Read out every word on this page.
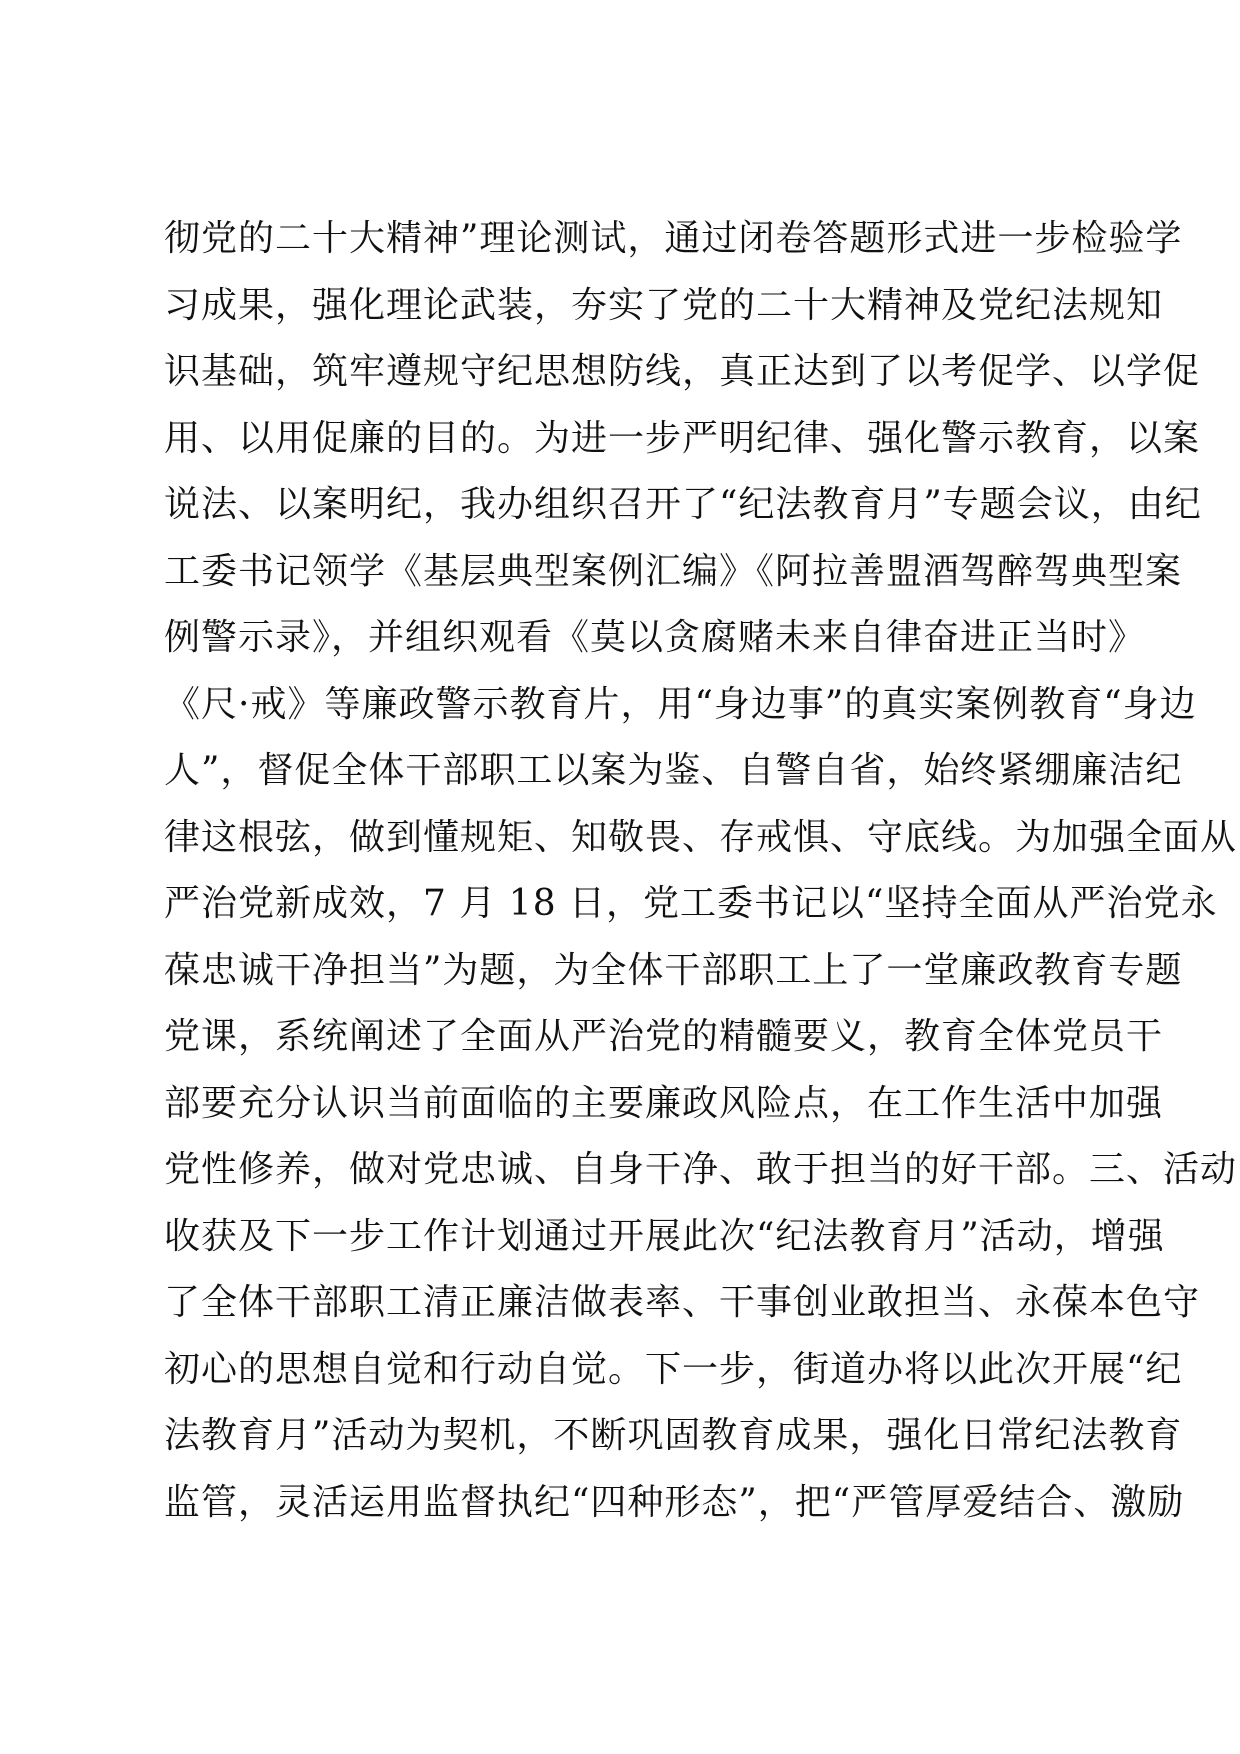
彻党的二十大精神”理论测试，通过闭卷答题形式进一步检验学
习成果，强化理论武装，夯实了党的二十大精神及党纪法规知
识基础，筑牢遵规守纪思想防线，真正达到了以考促学、以学促
用、以用促廉的目的。为进一步严明纪律、强化警示教育，以案
说法、以案明纪，我办组织召开了“纪法教育月”专题会议，由纪
工委书记领学《基层典型案例汇编》《阿拉善盟酒驾醉驾典型案
例警示录》，并组织观看《莫以贪腐赌未来自律奋进正当时》
《尺·戒》等廉政警示教育片，用“身边事”的真实案例教育“身边
人”，督促全体干部职工以案为鉴、自警自省，始终紧绷廉洁纪
律这根弦，做到懂规矩、知敬畏、存戒惧、守底线。为加强全面从
严治党新成效，7 月 18 日，党工委书记以“坚持全面从严治党永
葆忠诚干净担当”为题，为全体干部职工上了一堂廉政教育专题
党课，系统阐述了全面从严治党的精髓要义，教育全体党员干
部要充分认识当前面临的主要廉政风险点，在工作生活中加强
党性修养，做对党忠诚、自身干净、敢于担当的好干部。三、活动
收获及下一步工作计划通过开展此次“纪法教育月”活动，增强
了全体干部职工清正廉洁做表率、干事创业敢担当、永葆本色守
初心的思想自觉和行动自觉。下一步，街道办将以此次开展“纪
法教育月”活动为契机，不断巩固教育成果，强化日常纪法教育
监管，灵活运用监督执纪“四种形态”，把“严管厚爱结合、激励
